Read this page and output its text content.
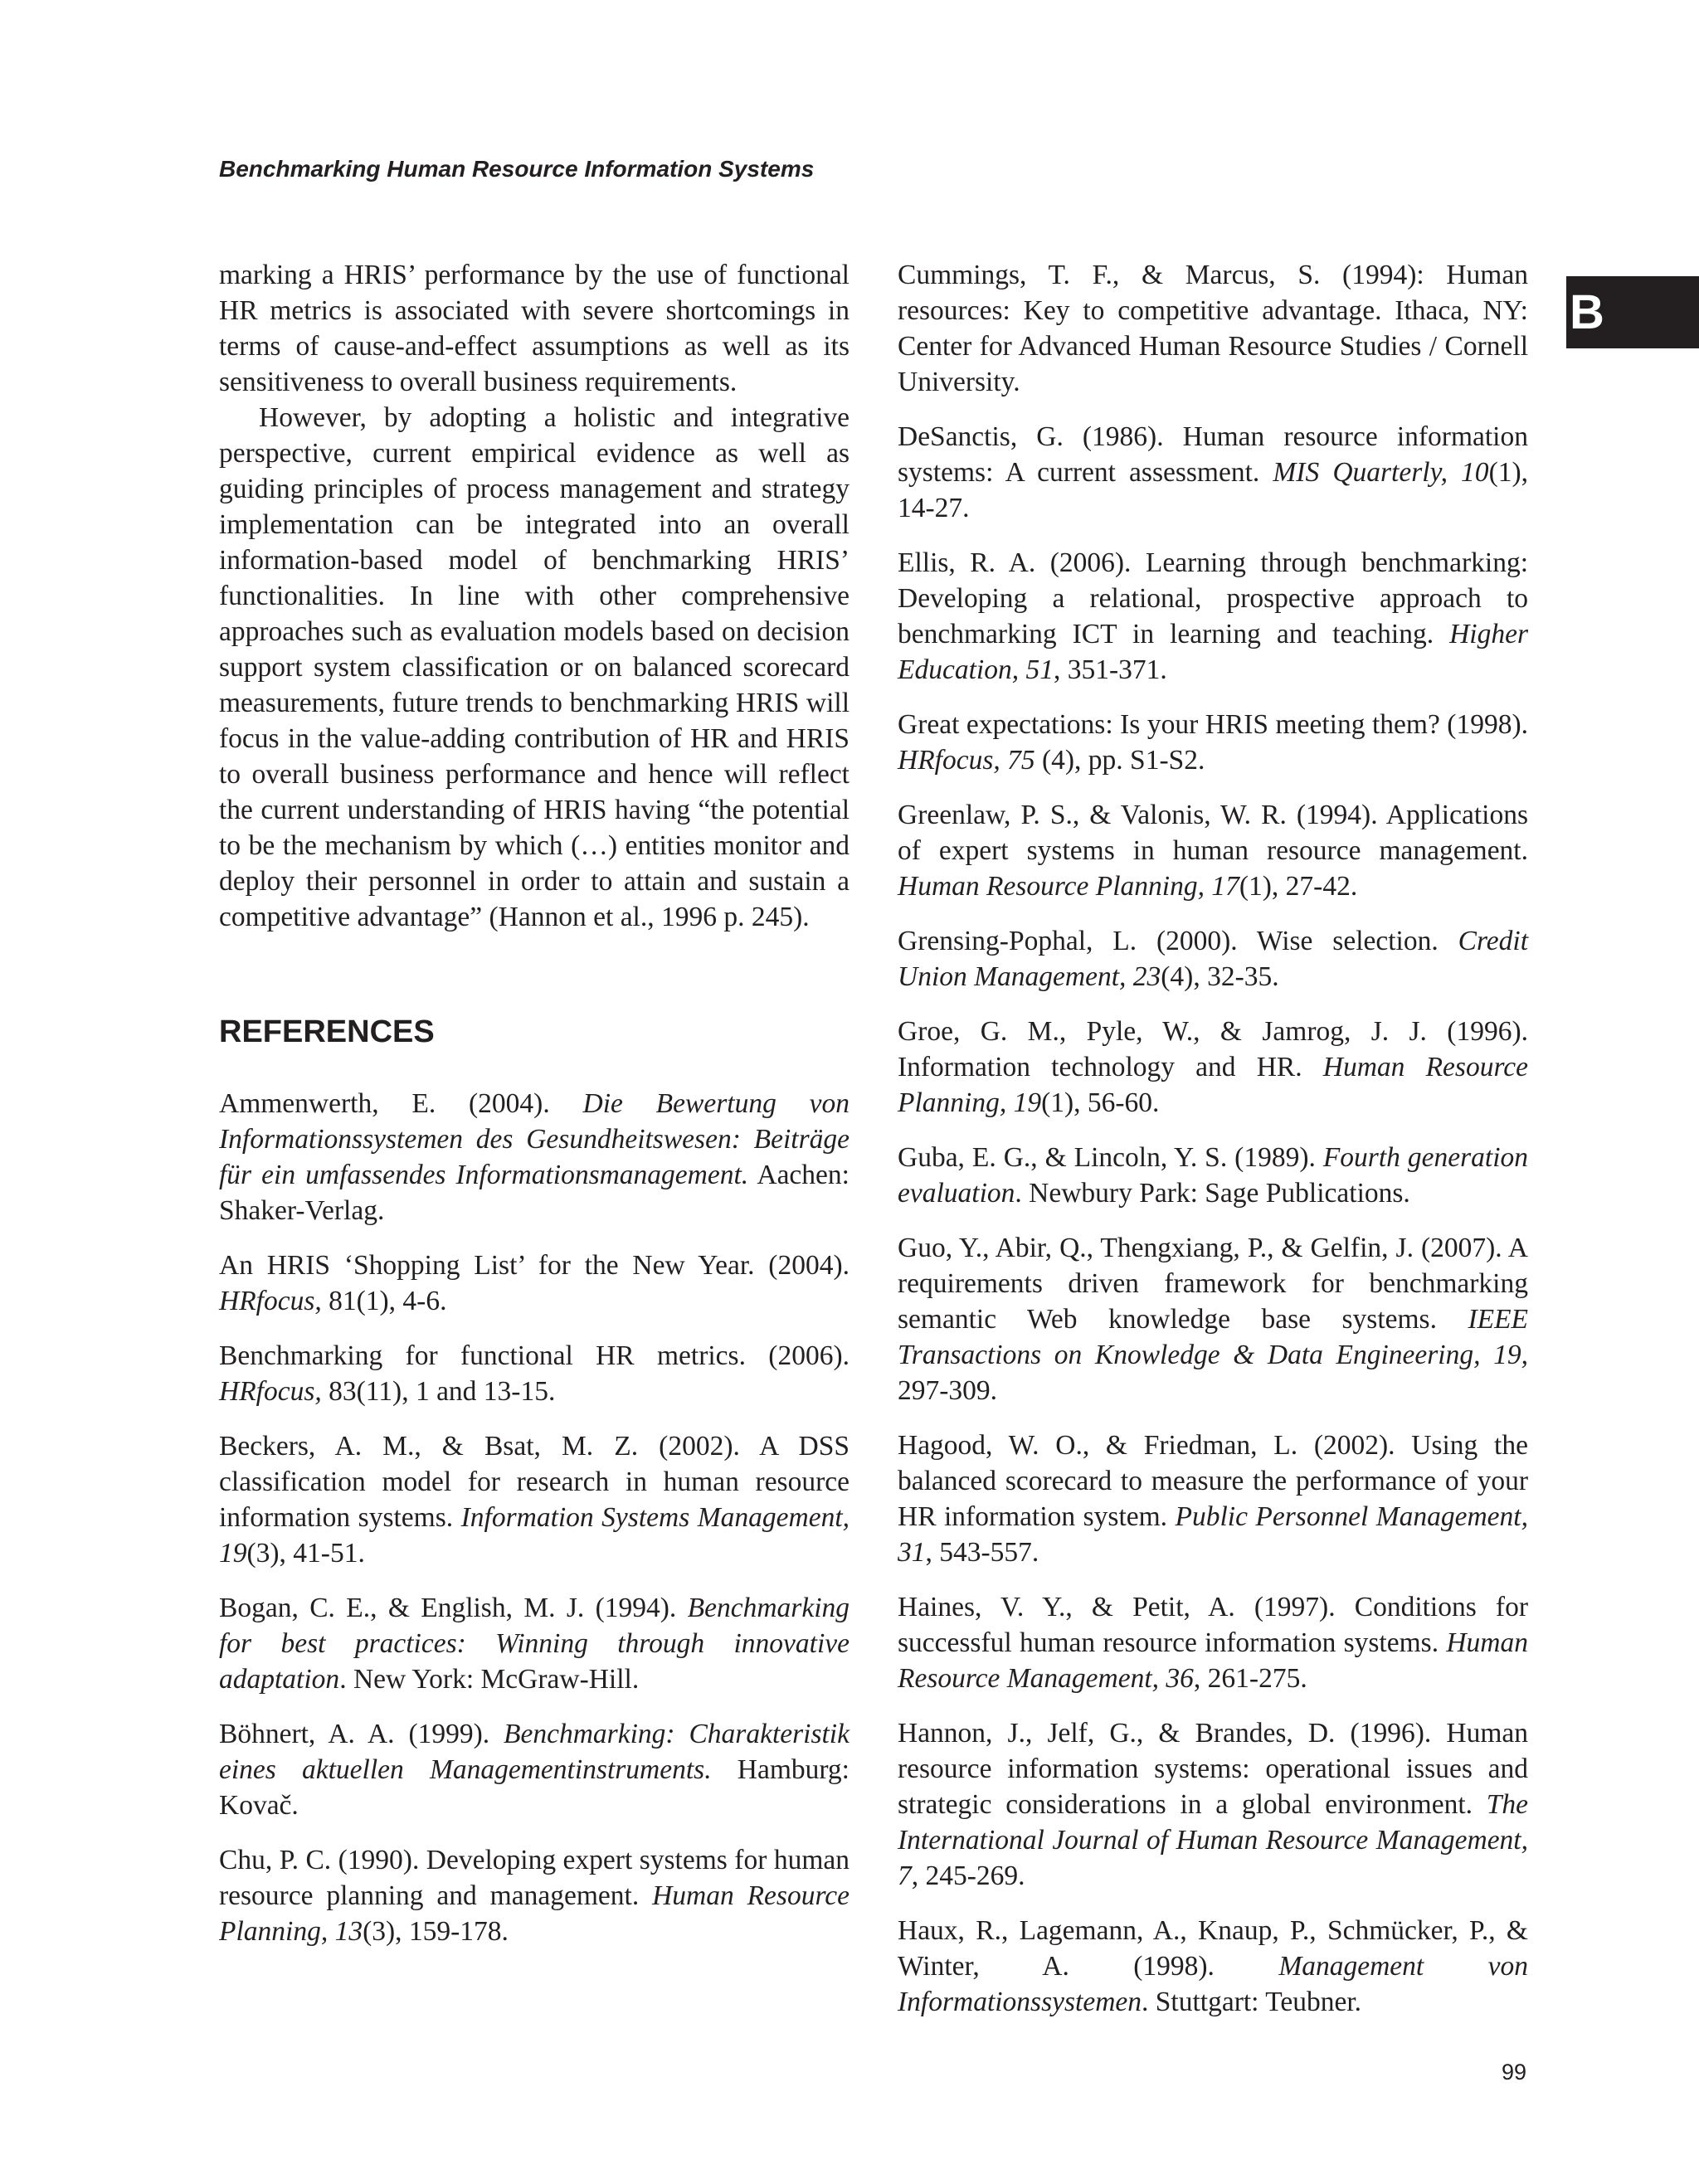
Benchmarking Human Resource Information Systems
B

marking a HRIS’ performance by the use of functional HR metrics is associated with severe shortcomings in terms of cause-and-effect assumptions as well as its sensitiveness to overall business requirements.

However, by adopting a holistic and integrative perspective, current empirical evidence as well as guiding principles of process management and strategy implementation can be integrated into an overall information-based model of benchmarking HRIS’ functionalities. In line with other comprehensive approaches such as evaluation models based on decision support system classification or on balanced scorecard measurements, future trends to benchmarking HRIS will focus in the value-adding contribution of HR and HRIS to overall business performance and hence will reflect the current understanding of HRIS having “the potential to be the mechanism by which (…) entities monitor and deploy their personnel in order to attain and sustain a competitive advantage” (Hannon et al., 1996 p. 245).

REFERENCES

Ammenwerth, E. (2004). Die Bewertung von Informationssystemen des Gesundheitswesen: Beiträge für ein umfassendes Informationsmanagement. Aachen: Shaker-Verlag.

An HRIS ‘Shopping List’ for the New Year. (2004). HRfocus, 81(1), 4-6.

Benchmarking for functional HR metrics. (2006). HRfocus, 83(11), 1 and 13-15.

Beckers, A. M., & Bsat, M. Z. (2002). A DSS classification model for research in human resource information systems. Information Systems Management, 19(3), 41-51.

Bogan, C. E., & English, M. J. (1994). Benchmarking for best practices: Winning through innovative adaptation. New York: McGraw-Hill.

Böhnert, A. A. (1999). Benchmarking: Charakteristik eines aktuellen Managementinstruments. Hamburg: Kovač.

Chu, P. C. (1990). Developing expert systems for human resource planning and management. Human Resource Planning, 13(3), 159-178.

Cummings, T. F., & Marcus, S. (1994): Human resources: Key to competitive advantage. Ithaca, NY: Center for Advanced Human Resource Studies / Cornell University.

DeSanctis, G. (1986). Human resource information systems: A current assessment. MIS Quarterly, 10(1), 14-27.

Ellis, R. A. (2006). Learning through benchmarking: Developing a relational, prospective approach to benchmarking ICT in learning and teaching. Higher Education, 51, 351-371.

Great expectations: Is your HRIS meeting them? (1998). HRfocus, 75 (4), pp. S1-S2.

Greenlaw, P. S., & Valonis, W. R. (1994). Applications of expert systems in human resource management. Human Resource Planning, 17(1), 27-42.

Grensing-Pophal, L. (2000). Wise selection. Credit Union Management, 23(4), 32-35.

Groe, G. M., Pyle, W., & Jamrog, J. J. (1996). Information technology and HR. Human Resource Planning, 19(1), 56-60.

Guba, E. G., & Lincoln, Y. S. (1989). Fourth generation evaluation. Newbury Park: Sage Publications.

Guo, Y., Abir, Q., Thengxiang, P., & Gelfin, J. (2007). A requirements driven framework for benchmarking semantic Web knowledge base systems. IEEE Transactions on Knowledge & Data Engineering, 19, 297-309.

Hagood, W. O., & Friedman, L. (2002). Using the balanced scorecard to measure the performance of your HR information system. Public Personnel Management, 31, 543-557.

Haines, V. Y., & Petit, A. (1997). Conditions for successful human resource information systems. Human Resource Management, 36, 261-275.

Hannon, J., Jelf, G., & Brandes, D. (1996). Human resource information systems: operational issues and strategic considerations in a global environment. The International Journal of Human Resource Management, 7, 245-269.

Haux, R., Lagemann, A., Knaup, P., Schmücker, P., & Winter, A. (1998). Management von Informationssystemen. Stuttgart: Teubner.

99
